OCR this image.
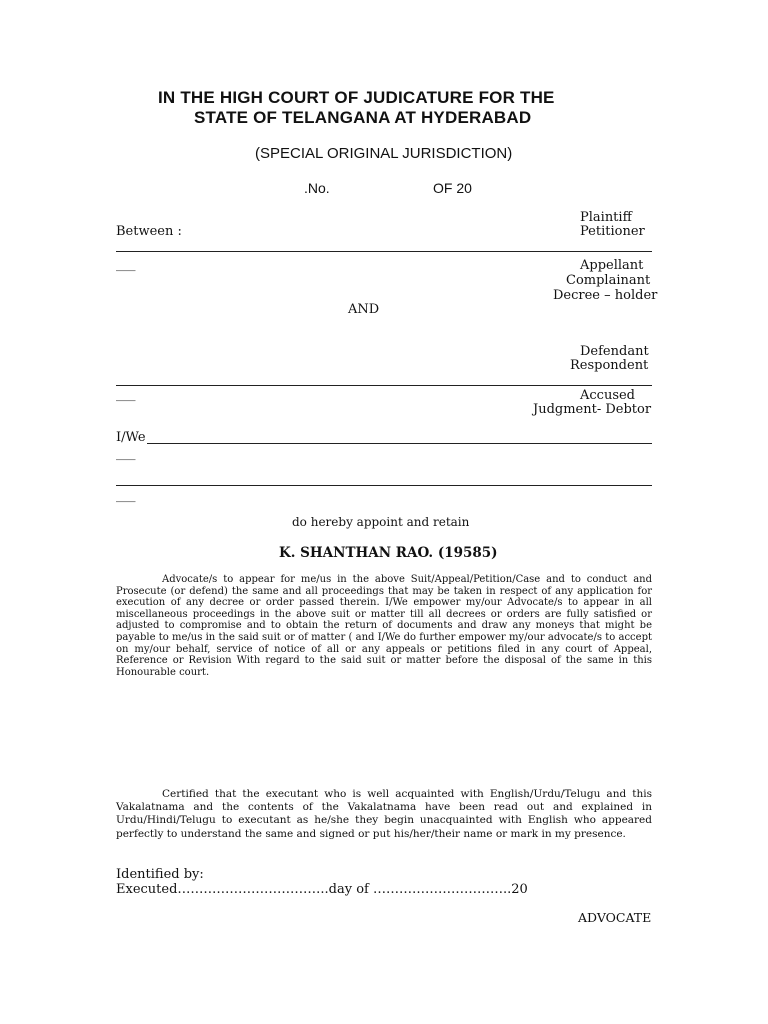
IN THE HIGH COURT OF JUDICATURE FOR THE
STATE OF TELANGANA AT HYDERABAD
(SPECIAL ORIGINAL JURISDICTION)
.No.	OF 20
Between :
Plaintiff
Petitioner
___	Appellant
Complainant
Decree – holder
AND
Defendant
Respondent
___	Accused
Judgment- Debtor
I/We
___
___
do hereby appoint and retain
K. SHANTHAN RAO. (19585)
Advocate/s to appear for me/us in the above Suit/Appeal/Petition/Case and to conduct and Prosecute (or defend) the same and all proceedings that may be taken in respect of any application for execution of any decree or order passed therein. I/We empower my/our Advocate/s to appear in all miscellaneous proceedings in the above suit or matter till all decrees or orders are fully satisfied or adjusted to compromise and to obtain the return of documents and draw any moneys that might be payable to me/us in the said suit or of matter ( and I/We do further empower my/our advocate/s to accept on my/our behalf, service of notice of all or any appeals or petitions filed in any court of Appeal, Reference or Revision With regard to the said suit or matter before the disposal of the same in this Honourable court.
Certified that the executant who is well acquainted with English/Urdu/Telugu and this Vakalatnama and the contents of the Vakalatnama have been read out and explained in Urdu/Hindi/Telugu to executant as he/she they begin unacquainted with English who appeared perfectly to understand the same and signed or put his/her/their name or mark in my presence.
Identified by:
Executed……………………………..day of …………………………..20
ADVOCATE
